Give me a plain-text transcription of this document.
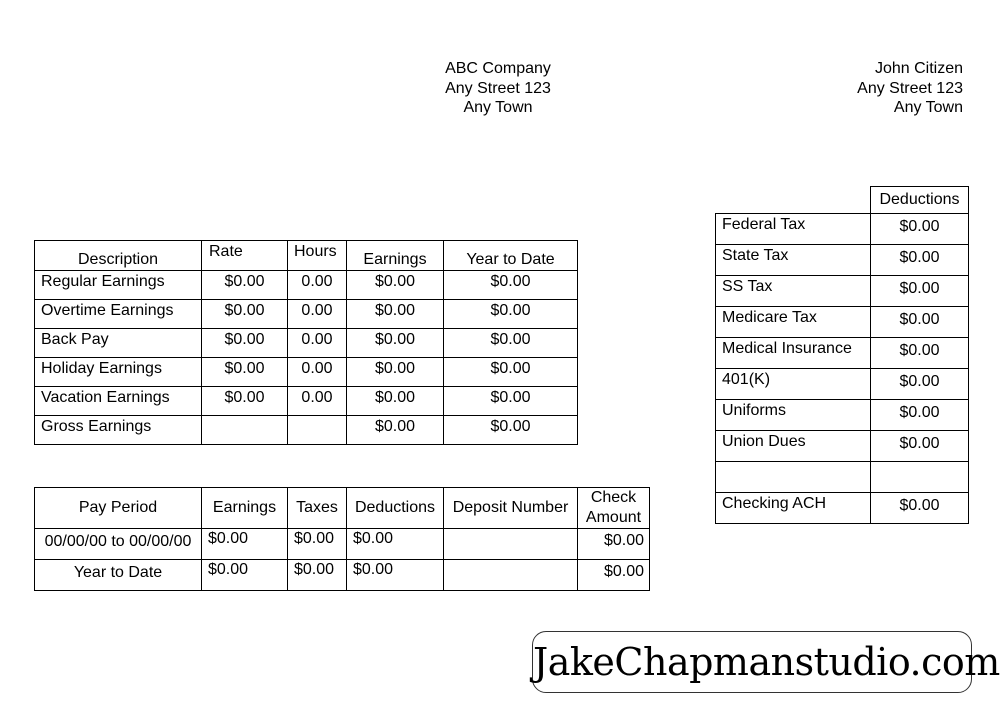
ABC Company
Any Street 123
Any Town
John Citizen
Any Street 123
Any Town
Description	Rate	Hours	Earnings	Year to Date
Regular Earnings	$0.00	0.00	$0.00	$0.00
Overtime Earnings	$0.00	0.00	$0.00	$0.00
Back Pay	$0.00	0.00	$0.00	$0.00
Holiday Earnings	$0.00	0.00	$0.00	$0.00
Vacation Earnings	$0.00	0.00	$0.00	$0.00
Gross Earnings			$0.00	$0.00
	Deductions
Federal Tax	$0.00
State Tax	$0.00
SS Tax	$0.00
Medicare Tax	$0.00
Medical Insurance	$0.00
401(K)	$0.00
Uniforms	$0.00
Union Dues	$0.00

Checking ACH	$0.00
Pay Period	Earnings	Taxes	Deductions	Deposit Number	Check
Amount

00/00/00 to 00/00/00	$0.00	$0.00	$0.00		$0.00
Year to Date	$0.00	$0.00	$0.00		$0.00
JakeChapmanstudio.com
